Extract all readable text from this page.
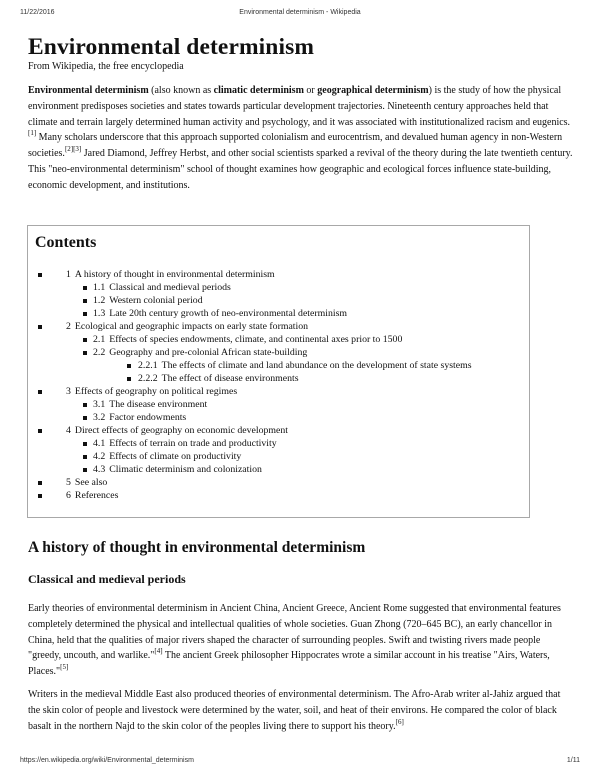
11/22/2016	Environmental determinism - Wikipedia
Environmental determinism
From Wikipedia, the free encyclopedia

Environmental determinism (also known as climatic determinism or geographical determinism) is the study of how the physical environment predisposes societies and states towards particular development trajectories. Nineteenth century approaches held that climate and terrain largely determined human activity and psychology, and it was associated with institutionalized racism and eugenics.[1] Many scholars underscore that this approach supported colonialism and eurocentrism, and devalued human agency in non-Western societies.[2][3] Jared Diamond, Jeffrey Herbst, and other social scientists sparked a revival of the theory during the late twentieth century. This "neo-environmental determinism" school of thought examines how geographic and ecological forces influence state-building, economic development, and institutions.

Contents
1 A history of thought in environmental determinism
1.1 Classical and medieval periods
1.2 Western colonial period
1.3 Late 20th century growth of neo-environmental determinism
2 Ecological and geographic impacts on early state formation
2.1 Effects of species endowments, climate, and continental axes prior to 1500
2.2 Geography and pre-colonial African state-building
2.2.1 The effects of climate and land abundance on the development of state systems
2.2.2 The effect of disease environments
3 Effects of geography on political regimes
3.1 The disease environment
3.2 Factor endowments
4 Direct effects of geography on economic development
4.1 Effects of terrain on trade and productivity
4.2 Effects of climate on productivity
4.3 Climatic determinism and colonization
5 See also
6 References
A history of thought in environmental determinism
Classical and medieval periods

Early theories of environmental determinism in Ancient China, Ancient Greece, Ancient Rome suggested that environmental features completely determined the physical and intellectual qualities of whole societies. Guan Zhong (720–645 BC), an early chancellor in China, held that the qualities of major rivers shaped the character of surrounding peoples. Swift and twisting rivers made people "greedy, uncouth, and warlike."[4] The ancient Greek philosopher Hippocrates wrote a similar account in his treatise "Airs, Waters, Places."[5]

Writers in the medieval Middle East also produced theories of environmental determinism. The Afro-Arab writer al-Jahiz argued that the skin color of people and livestock were determined by the water, soil, and heat of their environs. He compared the color of black basalt in the northern Najd to the skin color of the peoples living there to support his theory.[6]

https://en.wikipedia.org/wiki/Environmental_determinism	1/11
